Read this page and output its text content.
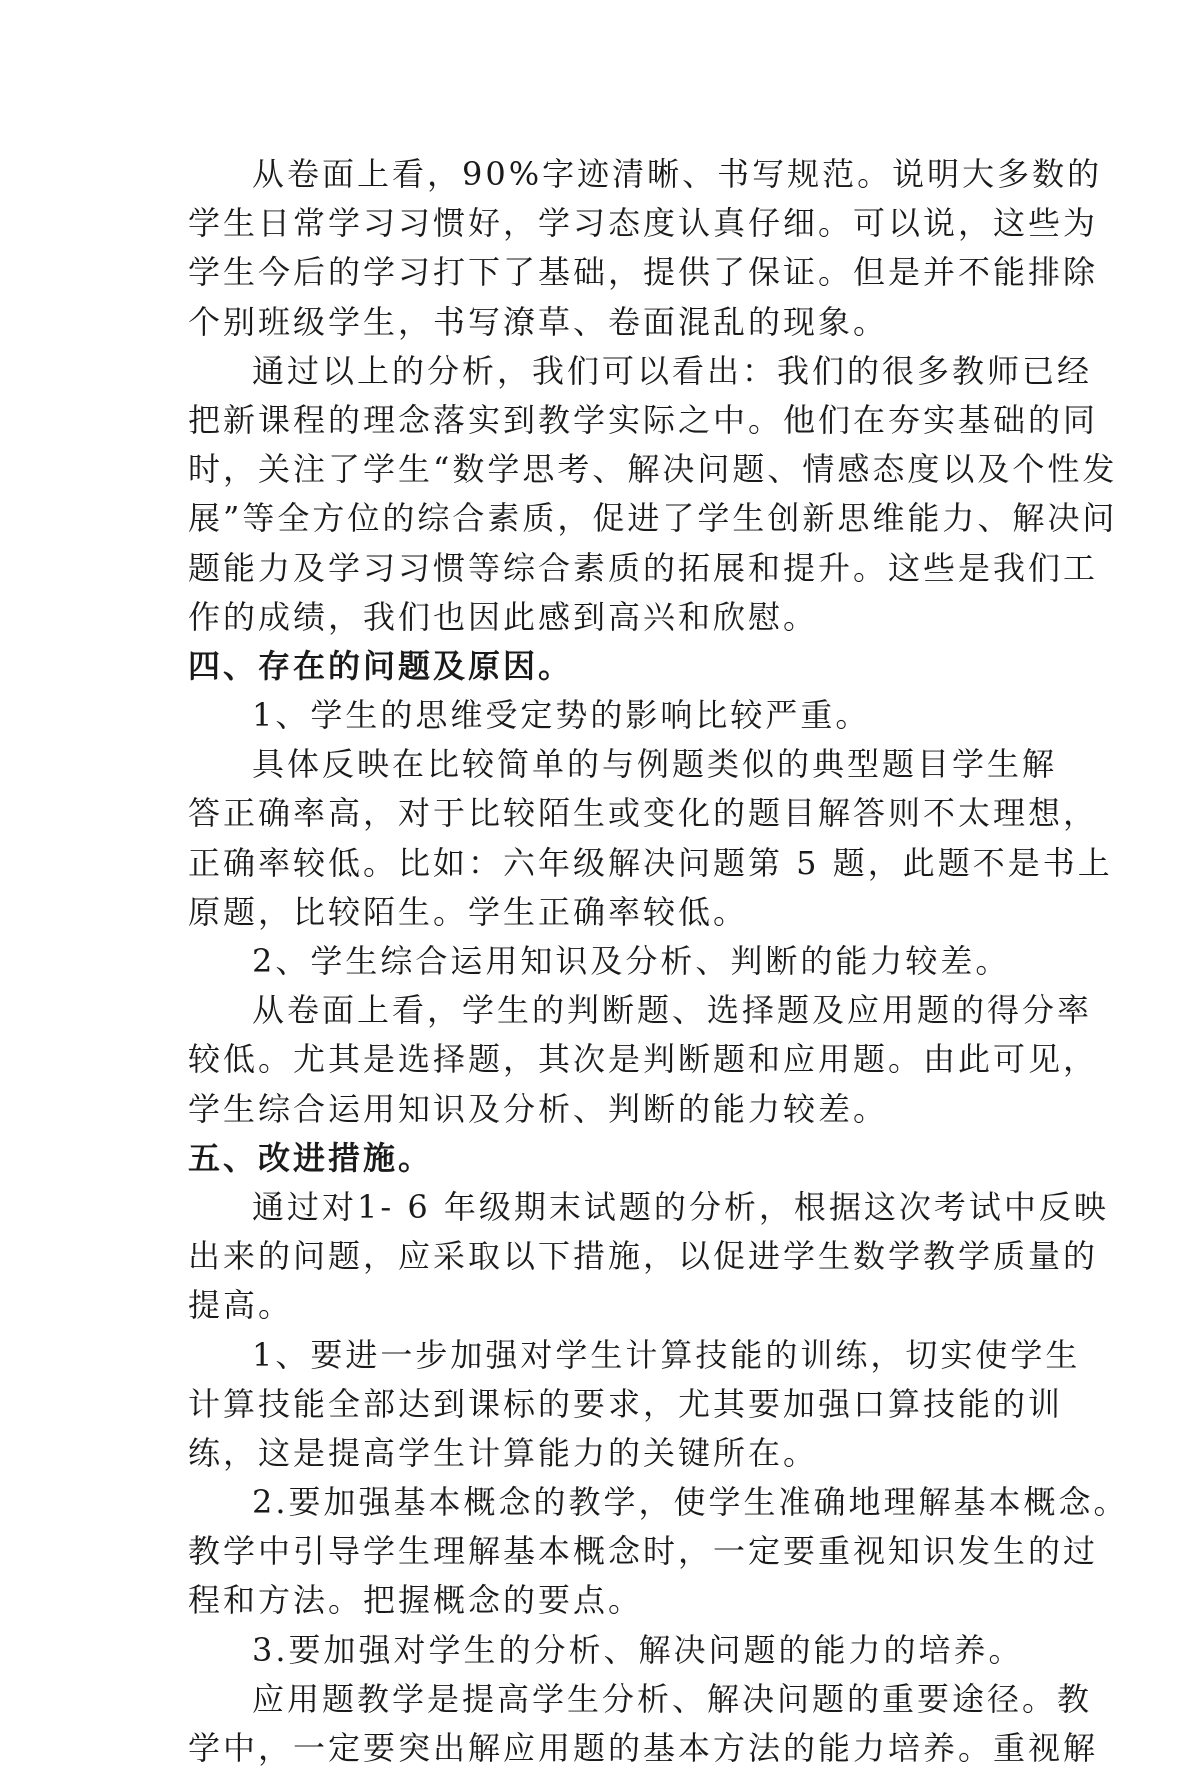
从卷面上看，90%字迹清晰、书写规范。说明大多数的
学生日常学习习惯好，学习态度认真仔细。可以说，这些为
学生今后的学习打下了基础，提供了保证。但是并不能排除
个别班级学生，书写潦草、卷面混乱的现象。
通过以上的分析，我们可以看出：我们的很多教师已经
把新课程的理念落实到教学实际之中。他们在夯实基础的同
时，关注了学生“数学思考、解决问题、情感态度以及个性发
展”等全方位的综合素质，促进了学生创新思维能力、解决问
题能力及学习习惯等综合素质的拓展和提升。这些是我们工
作的成绩，我们也因此感到高兴和欣慰。
四、存在的问题及原因。
1、学生的思维受定势的影响比较严重。
具体反映在比较简单的与例题类似的典型题目学生解
答正确率高，对于比较陌生或变化的题目解答则不太理想，
正确率较低。比如：六年级解决问题第 5 题，此题不是书上
原题，比较陌生。学生正确率较低。
2、学生综合运用知识及分析、判断的能力较差。
从卷面上看，学生的判断题、选择题及应用题的得分率
较低。尤其是选择题，其次是判断题和应用题。由此可见，
学生综合运用知识及分析、判断的能力较差。
五、改进措施。
通过对1- 6 年级期末试题的分析，根据这次考试中反映
出来的问题，应采取以下措施，以促进学生数学教学质量的
提高。
1、要进一步加强对学生计算技能的训练，切实使学生
计算技能全部达到课标的要求，尤其要加强口算技能的训
练，这是提高学生计算能力的关键所在。
2.要加强基本概念的教学，使学生准确地理解基本概念。
教学中引导学生理解基本概念时，一定要重视知识发生的过
程和方法。把握概念的要点。
3.要加强对学生的分析、解决问题的能力的培养。
应用题教学是提高学生分析、解决问题的重要途径。教
学中，一定要突出解应用题的基本方法的能力培养。重视解
